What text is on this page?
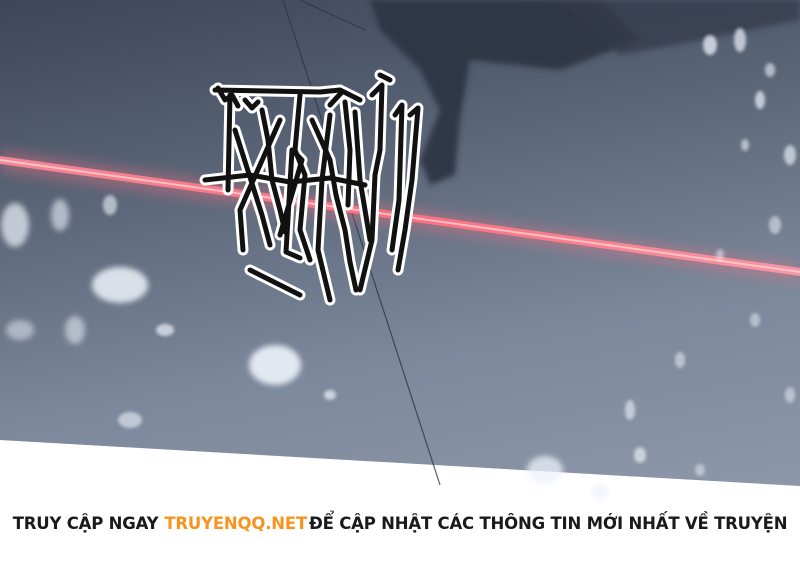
TRUY CẬP NGAY TRUYENQQ.NET ĐỂ CẬP NHẬT CÁC THÔNG TIN MỚI NHẤT VỀ TRUYỆN
